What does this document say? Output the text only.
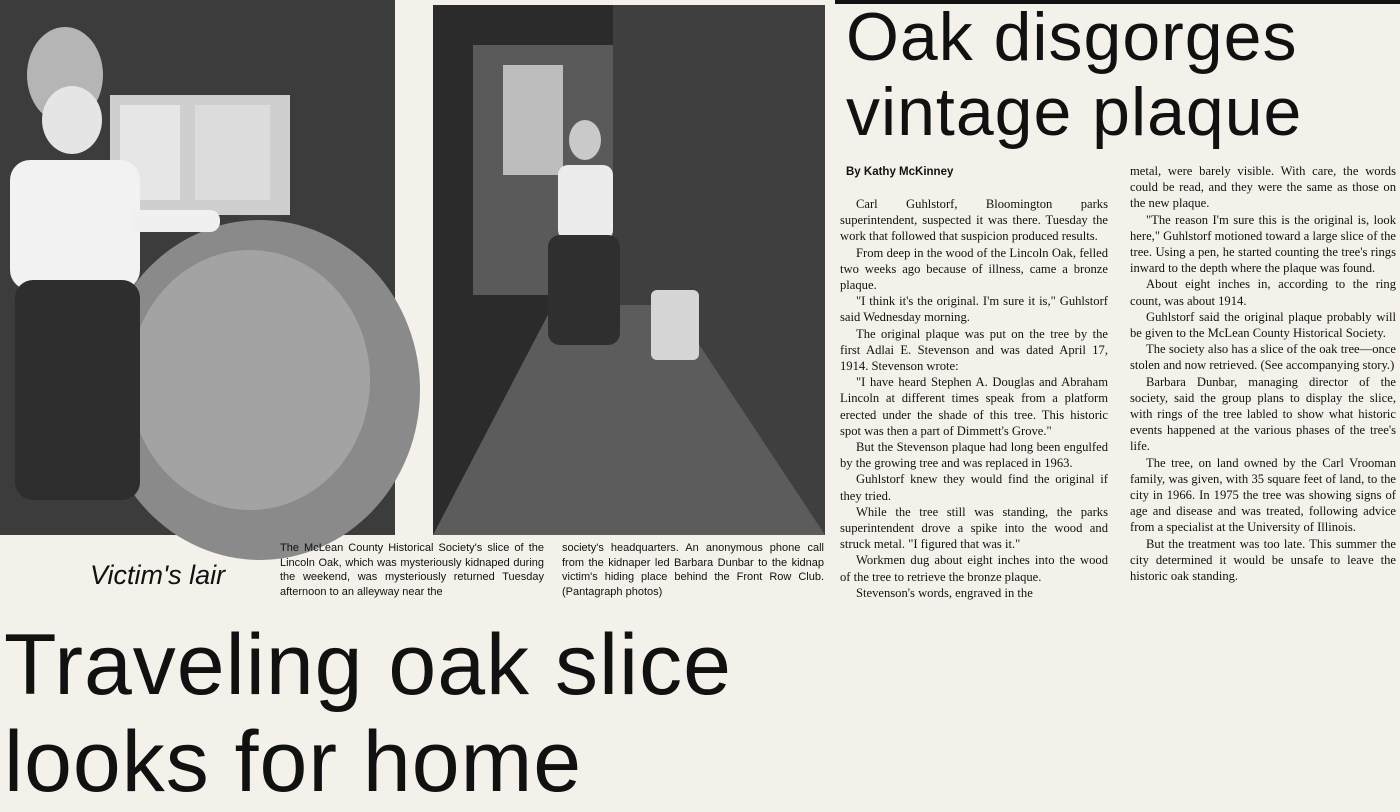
Victim's lair
The McLean County Historical Society's slice of the Lincoln Oak, which was mysteriously kidnaped during the weekend, was mysteriously returned Tuesday afternoon to an alleyway near the
society's headquarters. An anonymous phone call from the kidnaper led Barbara Dunbar to the kidnap victim's hiding place behind the Front Row Club. (Pantagraph photos)
Traveling oak slice
looks for home
Oak disgorges
vintage plaque
By Kathy McKinney

Carl Guhlstorf, Bloomington parks superintendent, suspected it was there. Tuesday the work that followed that suspicion produced results.

From deep in the wood of the Lincoln Oak, felled two weeks ago because of illness, came a bronze plaque.

"I think it's the original. I'm sure it is," Guhlstorf said Wednesday morning.

The original plaque was put on the tree by the first Adlai E. Stevenson and was dated April 17, 1914. Stevenson wrote:

"I have heard Stephen A. Douglas and Abraham Lincoln at different times speak from a platform erected under the shade of this tree. This historic spot was then a part of Dimmett's Grove."

But the Stevenson plaque had long been engulfed by the growing tree and was replaced in 1963.

Guhlstorf knew they would find the original if they tried.

While the tree still was standing, the parks superintendent drove a spike into the wood and struck metal. "I figured that was it."

Workmen dug about eight inches into the wood of the tree to retrieve the bronze plaque.

Stevenson's words, engraved in the

metal, were barely visible. With care, the words could be read, and they were the same as those on the new plaque.

"The reason I'm sure this is the original is, look here," Guhlstorf motioned toward a large slice of the tree. Using a pen, he started counting the tree's rings inward to the depth where the plaque was found.

About eight inches in, according to the ring count, was about 1914.

Guhlstorf said the original plaque probably will be given to the McLean County Historical Society.

The society also has a slice of the oak tree—once stolen and now retrieved. (See accompanying story.)

Barbara Dunbar, managing director of the society, said the group plans to display the slice, with rings of the tree labled to show what historic events happened at the various phases of the tree's life.

The tree, on land owned by the Carl Vrooman family, was given, with 35 square feet of land, to the city in 1966. In 1975 the tree was showing signs of age and disease and was treated, following advice from a specialist at the University of Illinois.

But the treatment was too late. This summer the city determined it would be unsafe to leave the historic oak standing.
